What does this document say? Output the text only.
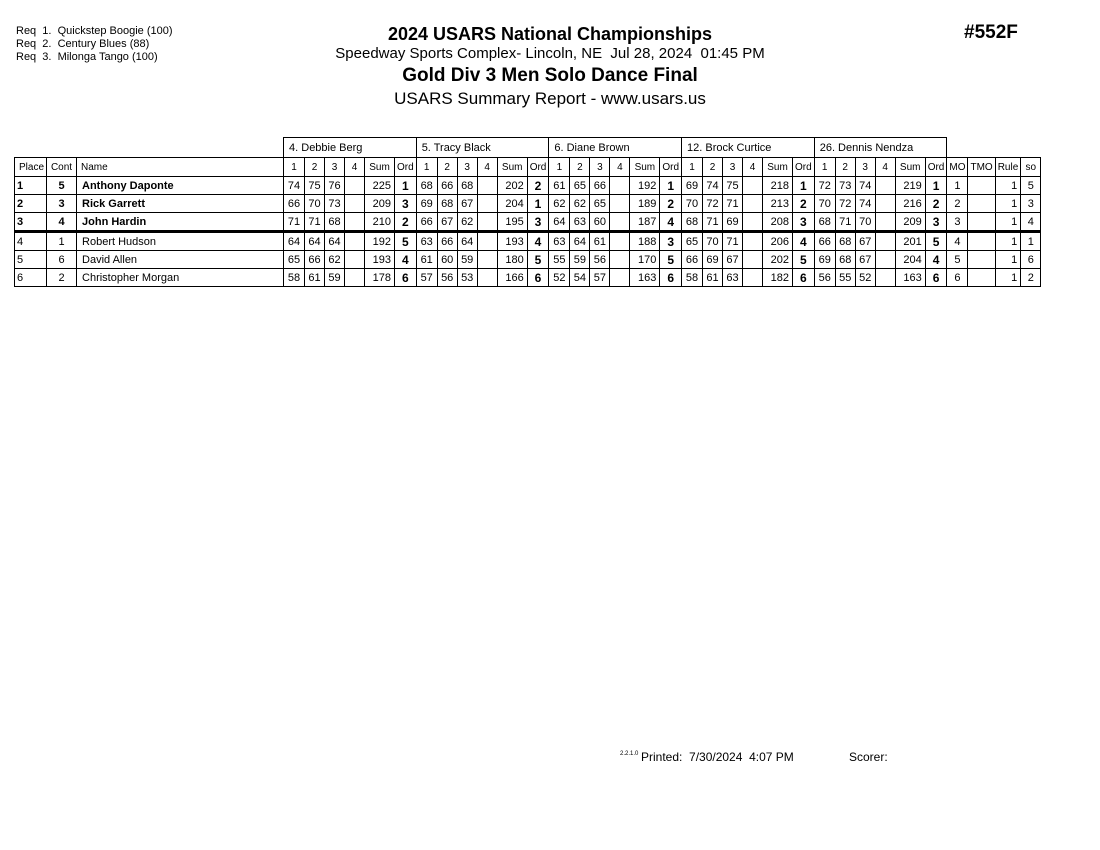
Req  1.  Quickstep Boogie (100)
Req  2.  Century Blues (88)
Req  3.  Milonga Tango (100)
2024 USARS National Championships
Speedway Sports Complex- Lincoln, NE  Jul 28, 2024  01:45 PM
Gold Div 3 Men Solo Dance Final
USARS Summary Report - www.usars.us
#552F
			4. Debbie Berg						5. Tracy Black						6. Diane Brown						12. Brock Curtice						26. Dennis Nendza									
Place	Cont	Name	1	2	3	4	Sum	Ord	1	2	3	4	Sum	Ord	1	2	3	4	Sum	Ord	1	2	3	4	Sum	Ord	1	2	3	4	Sum	Ord	MO	TMO	Rule	so
1	5	Anthony Daponte	74	75	76		225	1	68	66	68		202	2	61	65	66		192	1	69	74	75		218	1	72	73	74		219	1	1		1	5
2	3	Rick Garrett	66	70	73		209	3	69	68	67		204	1	62	62	65		189	2	70	72	71		213	2	70	72	74		216	2	2		1	3
3	4	John Hardin	71	71	68		210	2	66	67	62		195	3	64	63	60		187	4	68	71	69		208	3	68	71	70		209	3	3		1	4
4	1	Robert Hudson	64	64	64		192	5	63	66	64		193	4	63	64	61		188	3	65	70	71		206	4	66	68	67		201	5	4		1	1
5	6	David Allen	65	66	62		193	4	61	60	59		180	5	55	59	56		170	5	66	69	67		202	5	69	68	67		204	4	5		1	6
6	2	Christopher Morgan	58	61	59		178	6	57	56	53		166	6	52	54	57		163	6	58	61	63		182	6	56	55	52		163	6	6		1	2
2.2.1.0 Printed:  7/30/2024  4:07 PM	Scorer:
